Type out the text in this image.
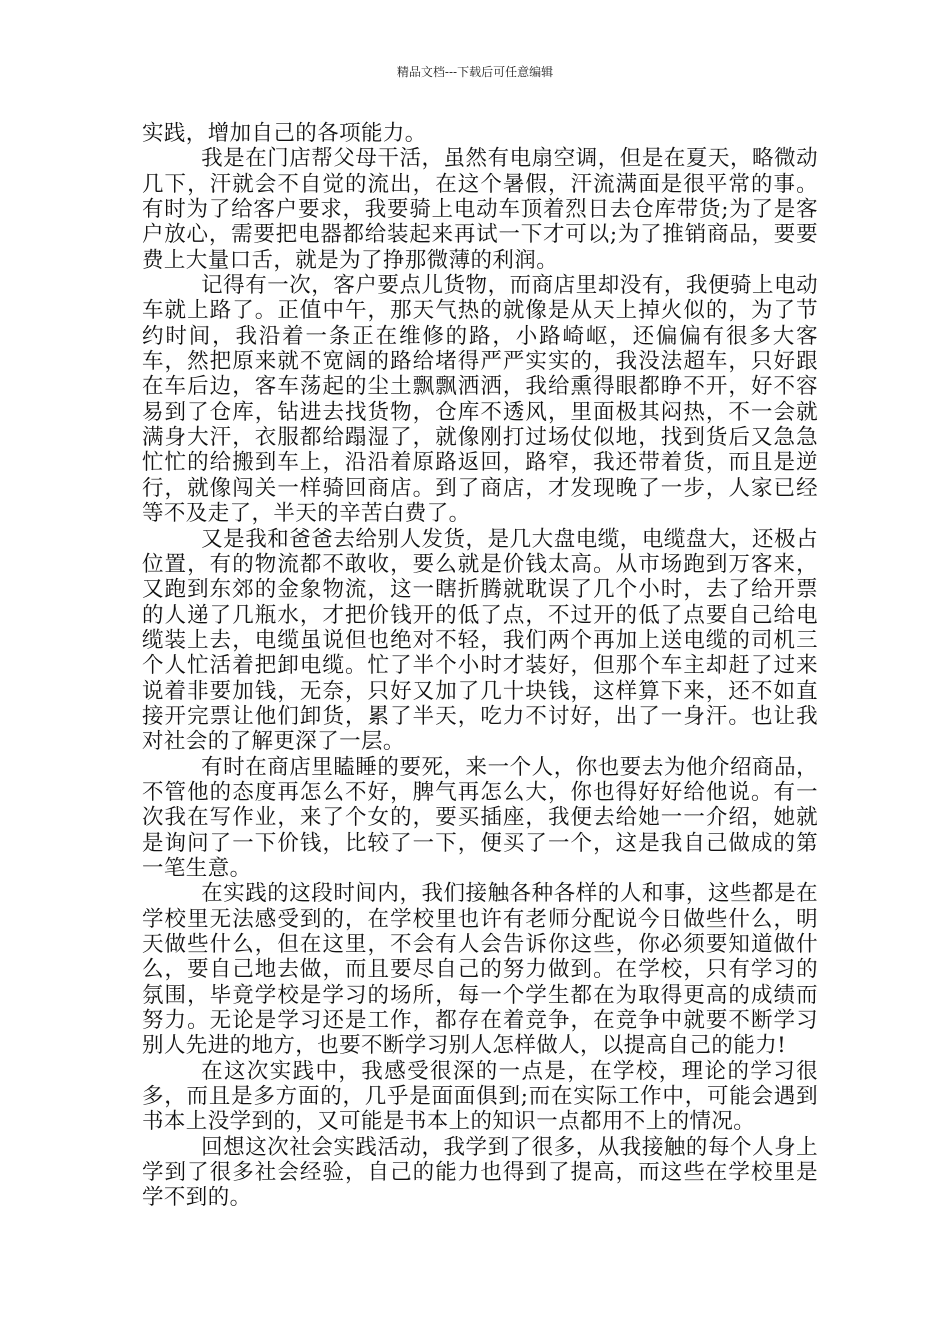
精品文档---下载后可任意编辑

实践，增加自己的各项能力。

我是在门店帮父母干活，虽然有电扇空调，但是在夏天，略微动几下，汗就会不自觉的流出，在这个暑假，汗流满面是很平常的事。有时为了给客户要求，我要骑上电动车顶着烈日去仓库带货;为了是客户放心，需要把电器都给装起来再试一下才可以;为了推销商品，要要费上大量口舌，就是为了挣那微薄的利润。

记得有一次，客户要点儿货物，而商店里却没有，我便骑上电动车就上路了。正值中午，那天气热的就像是从天上掉火似的，为了节约时间，我沿着一条正在维修的路，小路崎岖，还偏偏有很多大客车，然把原来就不宽阔的路给堵得严严实实的，我没法超车，只好跟在车后边，客车荡起的尘土飘飘洒洒，我给熏得眼都睁不开，好不容易到了仓库，钻进去找货物，仓库不透风，里面极其闷热，不一会就满身大汗，衣服都给蹋湿了，就像刚打过场仗似地，找到货后又急急忙忙的给搬到车上，沿沿着原路返回，路窄，我还带着货，而且是逆行，就像闯关一样骑回商店。到了商店，才发现晚了一步，人家已经等不及走了，半天的辛苦白费了。

又是我和爸爸去给别人发货，是几大盘电缆，电缆盘大，还极占位置，有的物流都不敢收，要么就是价钱太高。从市场跑到万客来，又跑到东郊的金象物流，这一瞎折腾就耽误了几个小时，去了给开票的人递了几瓶水，才把价钱开的低了点，不过开的低了点要自己给电缆装上去，电缆虽说但也绝对不轻，我们两个再加上送电缆的司机三个人忙活着把卸电缆。忙了半个小时才装好，但那个车主却赶了过来说着非要加钱，无奈，只好又加了几十块钱，这样算下来，还不如直接开完票让他们卸货，累了半天，吃力不讨好，出了一身汗。也让我对社会的了解更深了一层。

有时在商店里瞌睡的要死，来一个人，你也要去为他介绍商品，不管他的态度再怎么不好，脾气再怎么大，你也得好好给他说。有一次我在写作业，来了个女的，要买插座，我便去给她一一介绍，她就是询问了一下价钱，比较了一下，便买了一个，这是我自己做成的第一笔生意。

在实践的这段时间内，我们接触各种各样的人和事，这些都是在学校里无法感受到的，在学校里也许有老师分配说今日做些什么，明天做些什么，但在这里，不会有人会告诉你这些，你必须要知道做什么，要自己地去做，而且要尽自己的努力做到。在学校，只有学习的氛围，毕竟学校是学习的场所，每一个学生都在为取得更高的成绩而努力。无论是学习还是工作，都存在着竞争，在竞争中就要不断学习别人先进的地方，也要不断学习别人怎样做人，以提高自己的能力!

在这次实践中，我感受很深的一点是，在学校，理论的学习很多，而且是多方面的，几乎是面面俱到;而在实际工作中，可能会遇到书本上没学到的，又可能是书本上的知识一点都用不上的情况。

回想这次社会实践活动，我学到了很多，从我接触的每个人身上学到了很多社会经验，自己的能力也得到了提高，而这些在学校里是学不到的。
